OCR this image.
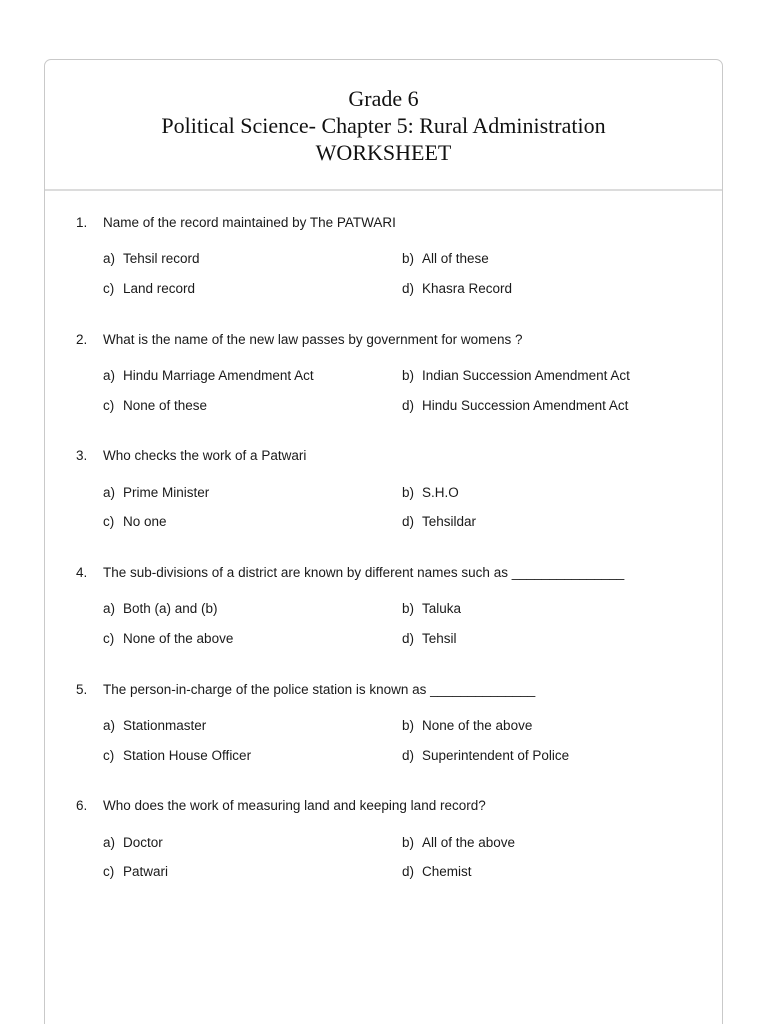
Grade 6
Political Science- Chapter 5: Rural Administration
WORKSHEET
1.	Name of the record maintained by The PATWARI
a) Tehsil record	b) All of these
c) Land record	d) Khasra Record
2.	What is the name of the new law passes by government for womens ?
a) Hindu Marriage Amendment Act	b) Indian Succession Amendment Act
c) None of these	d) Hindu Succession Amendment Act
3.	Who checks the work of a Patwari
a) Prime Minister	b) S.H.O
c) No one	d) Tehsildar
4.	The sub-divisions of a district are known by different names such as _______________
a) Both (a) and (b)	b) Taluka
c) None of the above	d) Tehsil
5.	The person-in-charge of the police station is known as ______________
a) Stationmaster	b) None of the above
c) Station House Officer	d) Superintendent of Police
6.	Who does the work of measuring land and keeping land record?
a) Doctor	b) All of the above
c) Patwari	d) Chemist
